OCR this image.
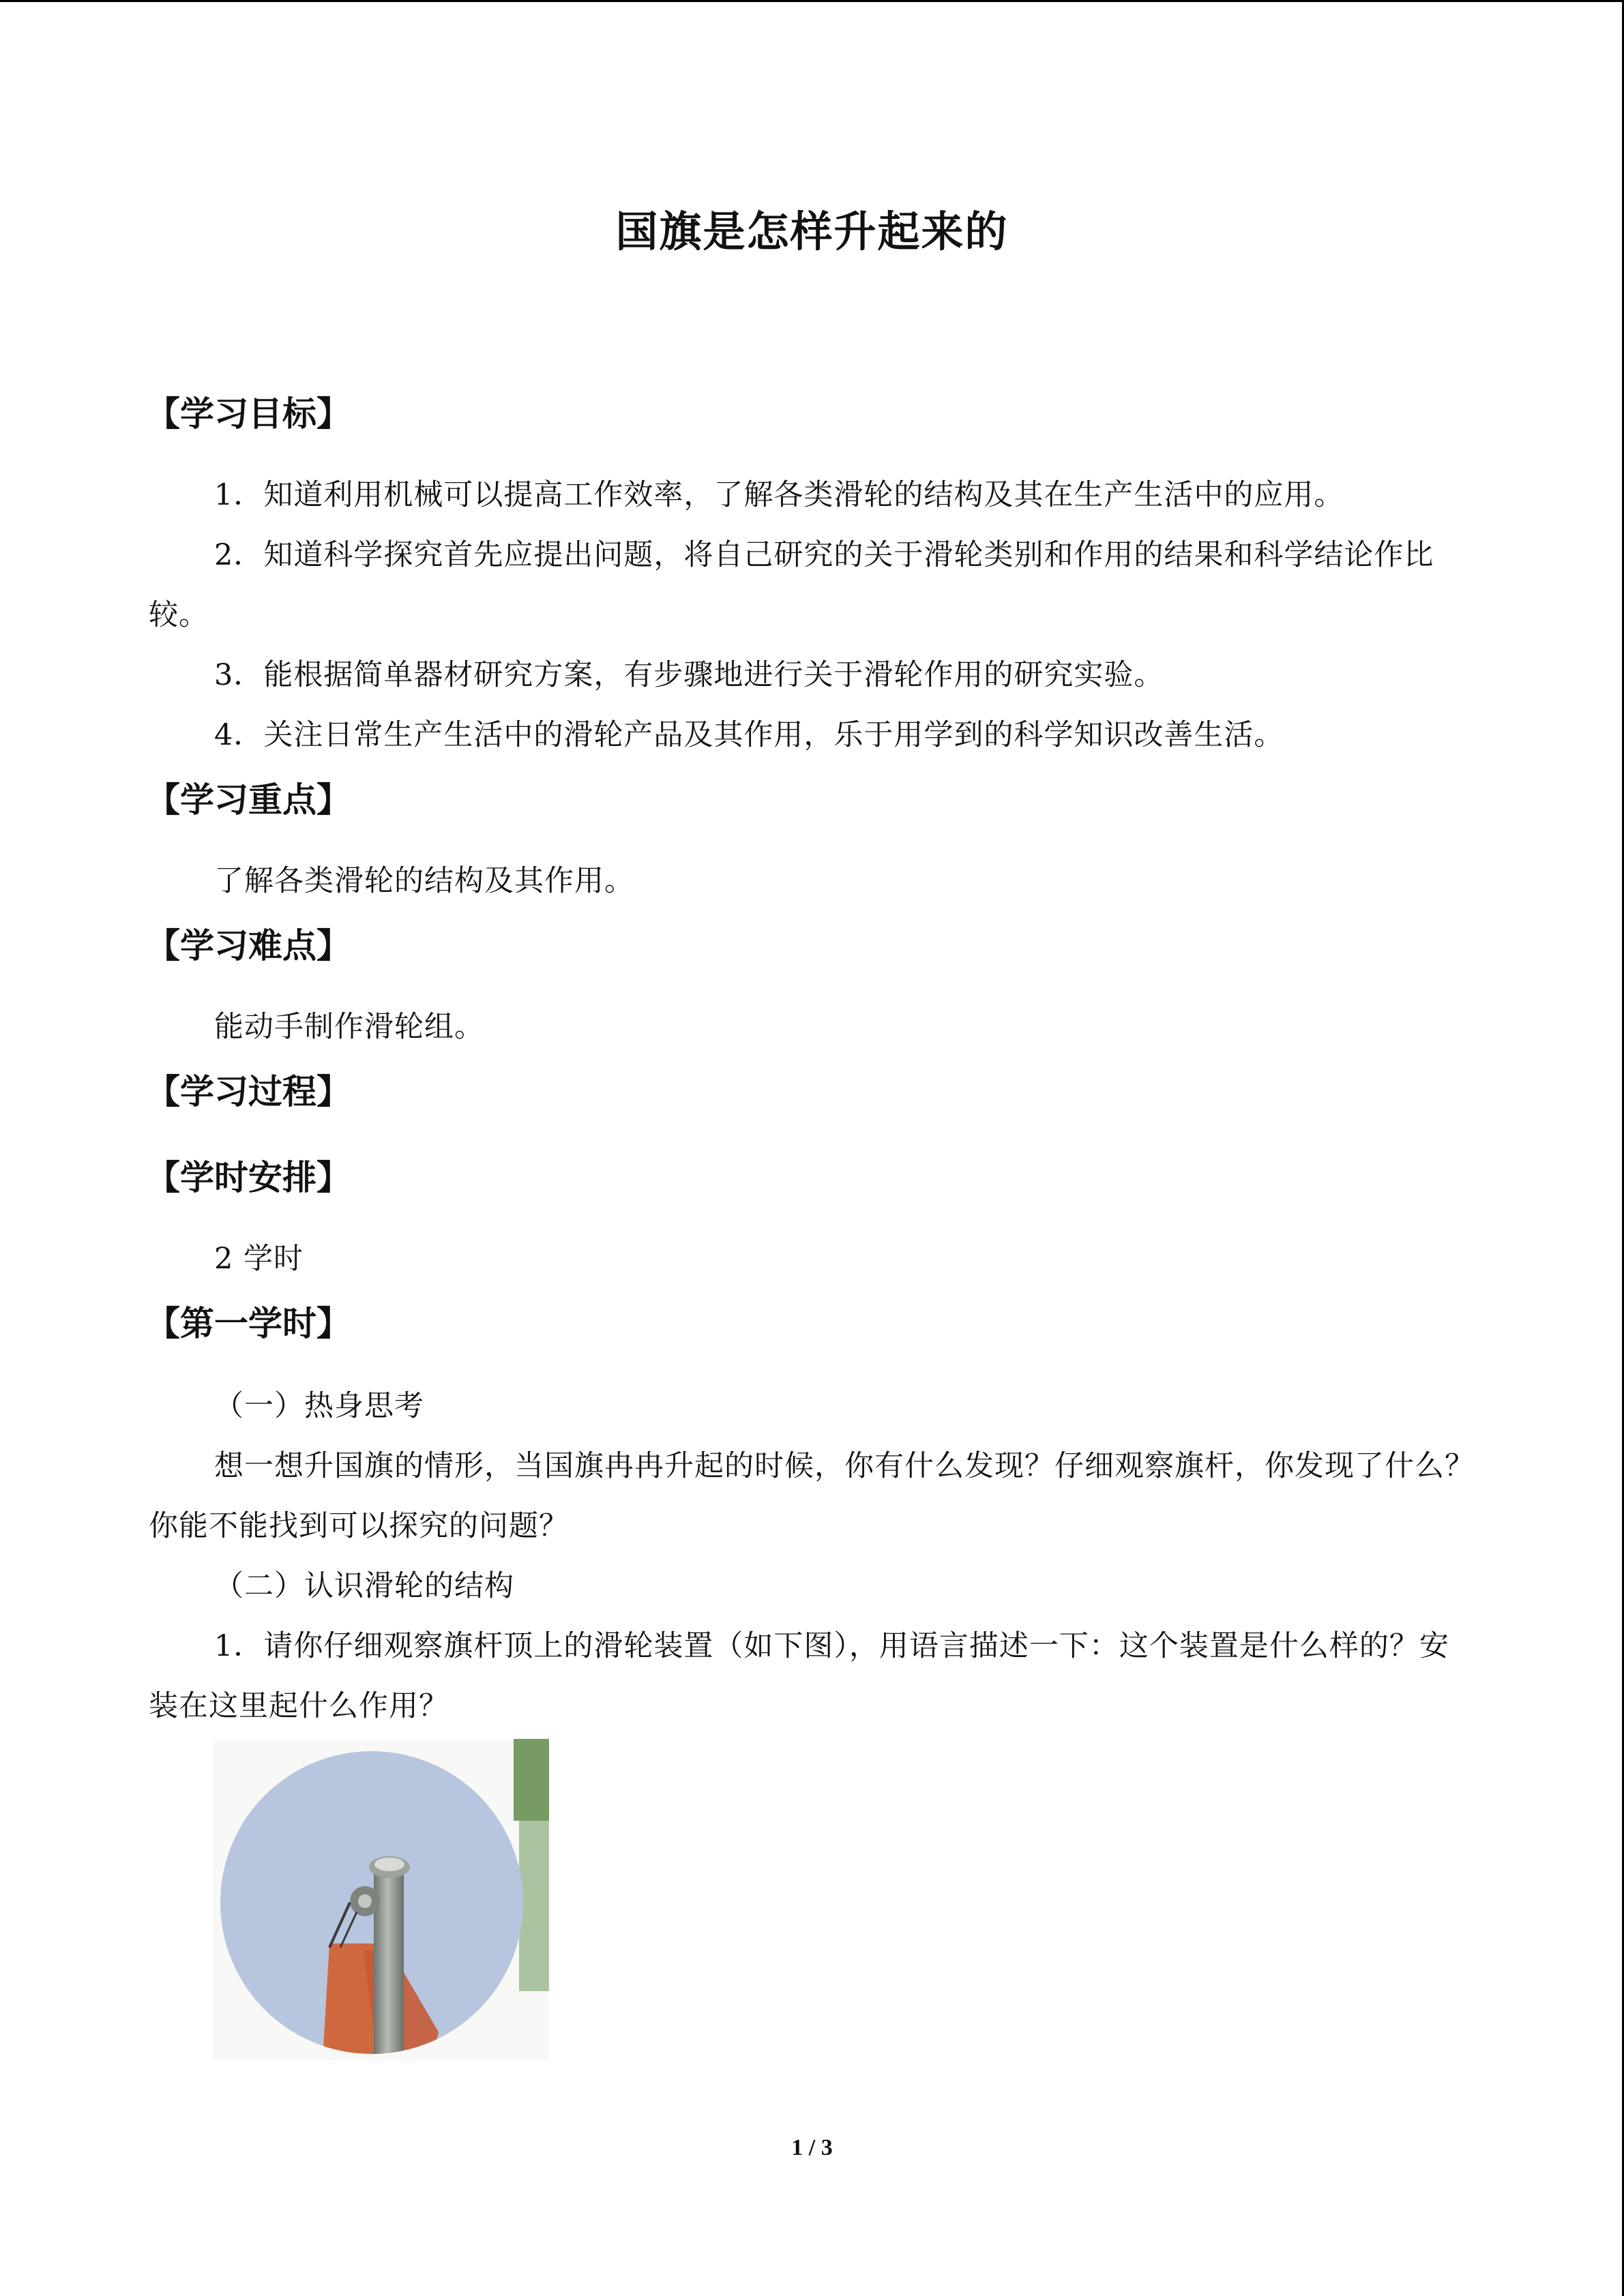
国旗是怎样升起来的
【学习目标】
1．知道利用机械可以提高工作效率，了解各类滑轮的结构及其在生产生活中的应用。
2．知道科学探究首先应提出问题，将自己研究的关于滑轮类别和作用的结果和科学结论作比较。
3．能根据简单器材研究方案，有步骤地进行关于滑轮作用的研究实验。
4．关注日常生产生活中的滑轮产品及其作用，乐于用学到的科学知识改善生活。
【学习重点】
了解各类滑轮的结构及其作用。
【学习难点】
能动手制作滑轮组。
【学习过程】
【学时安排】
2 学时
【第一学时】
（一）热身思考
想一想升国旗的情形，当国旗冉冉升起的时候，你有什么发现？仔细观察旗杆，你发现了什么？你能不能找到可以探究的问题？
（二）认识滑轮的结构
1．请你仔细观察旗杆顶上的滑轮装置（如下图），用语言描述一下：这个装置是什么样的？安装在这里起什么作用？
1 / 3
